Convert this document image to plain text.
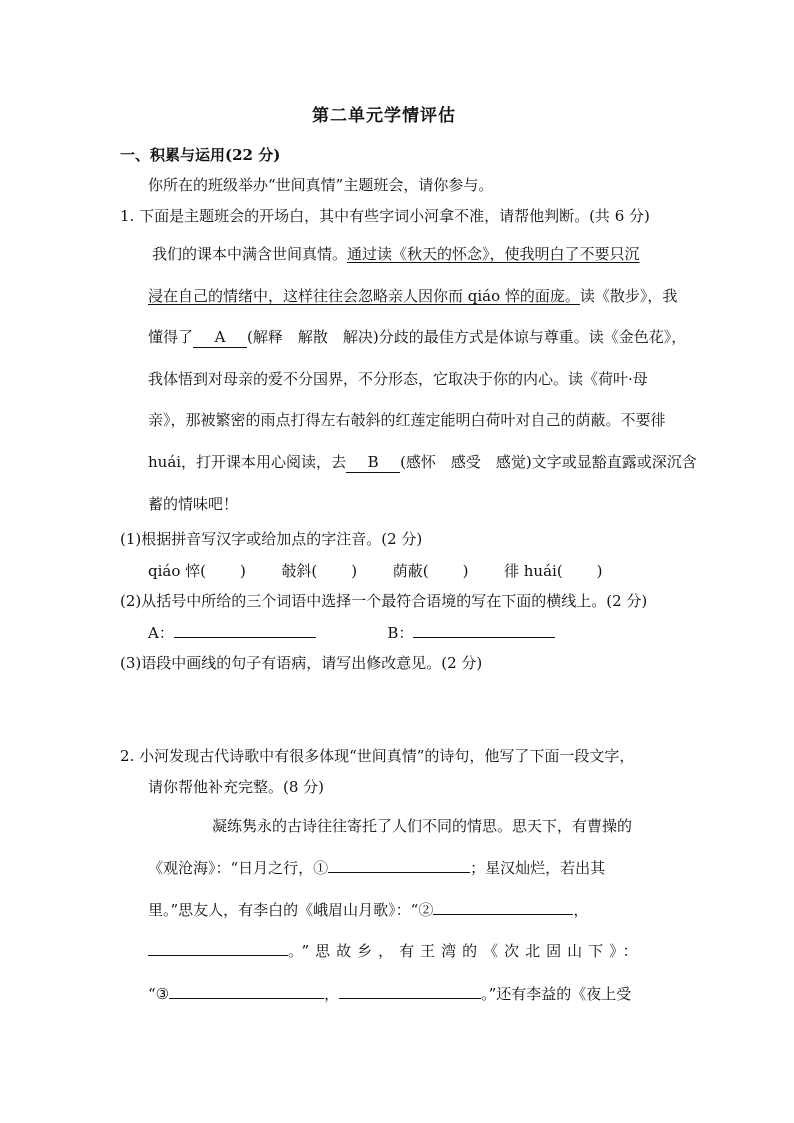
第二单元学情评估
一、积累与运用(22 分)
你所在的班级举办“世间真情”主题班会，请你参与。
1. 下面是主题班会的开场白，其中有些字词小河拿不准，请帮他判断。(共 6 分)
我们的课本中满含世间真情。通过读《秋天的怀念》，使我明白了不要只沉
浸在自己的情绪中，这样往往会忽略亲人因你而 qiáo 悴的面庞。读《散步》，我
懂得了 A (解释　解散　解决)分歧的最佳方式是体谅与尊重。读《金色花》，
我体悟到对母亲的爱不分国界，不分形态，它取决于你的内心。读《荷叶·母
亲》，那被繁密的雨点打得左右攲斜的红莲定能明白荷叶对自己的荫蔽。不要徘
huái，打开课本用心阅读，去 B (感怀　感受　感觉)文字或显豁直露或深沉含
蓄的情味吧！
(1)根据拼音写汉字或给加点的字注音。(2 分)
qiáo 悴( ) 攲斜( ) 荫蔽( ) 徘 huái( )
(2)从括号中所给的三个词语中选择一个最符合语境的写在下面的横线上。(2 分)
A：	B：
(3)语段中画线的句子有语病，请写出修改意见。(2 分)
2. 小河发现古代诗歌中有很多体现“世间真情”的诗句，他写了下面一段文字，
请你帮他补充完整。(8 分)
凝练隽永的古诗往往寄托了人们不同的情思。思天下，有曹操的
《观沧海》：“日月之行，①	；星汉灿烂，若出其
里。”思友人，有李白的《峨眉山月歌》：“②	，
。”思故乡，有王湾的《次北固山下》：
“③	，	。”还有李益的《夜上受
